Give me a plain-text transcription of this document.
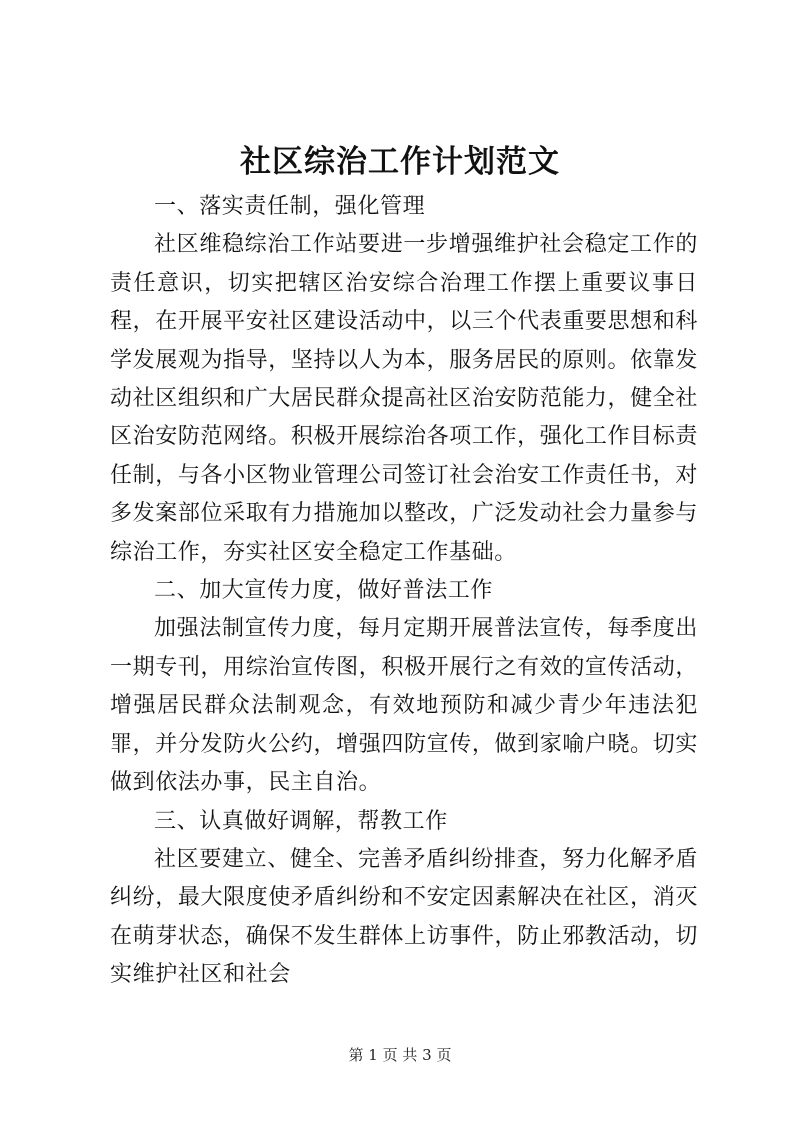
社区综治工作计划范文

一、落实责任制，强化管理

社区维稳综治工作站要进一步增强维护社会稳定工作的责任意识，切实把辖区治安综合治理工作摆上重要议事日程，在开展平安社区建设活动中，以三个代表重要思想和科学发展观为指导，坚持以人为本，服务居民的原则。依靠发动社区组织和广大居民群众提高社区治安防范能力，健全社区治安防范网络。积极开展综治各项工作，强化工作目标责任制，与各小区物业管理公司签订社会治安工作责任书，对多发案部位采取有力措施加以整改，广泛发动社会力量参与综治工作，夯实社区安全稳定工作基础。

二、加大宣传力度，做好普法工作

加强法制宣传力度，每月定期开展普法宣传，每季度出一期专刊，用综治宣传图，积极开展行之有效的宣传活动，增强居民群众法制观念，有效地预防和减少青少年违法犯罪，并分发防火公约，增强四防宣传，做到家喻户晓。切实做到依法办事，民主自治。

三、认真做好调解，帮教工作

社区要建立、健全、完善矛盾纠纷排查，努力化解矛盾纠纷，最大限度使矛盾纠纷和不安定因素解决在社区，消灭在萌芽状态，确保不发生群体上访事件，防止邪教活动，切实维护社区和社会

第 1 页 共 3 页
